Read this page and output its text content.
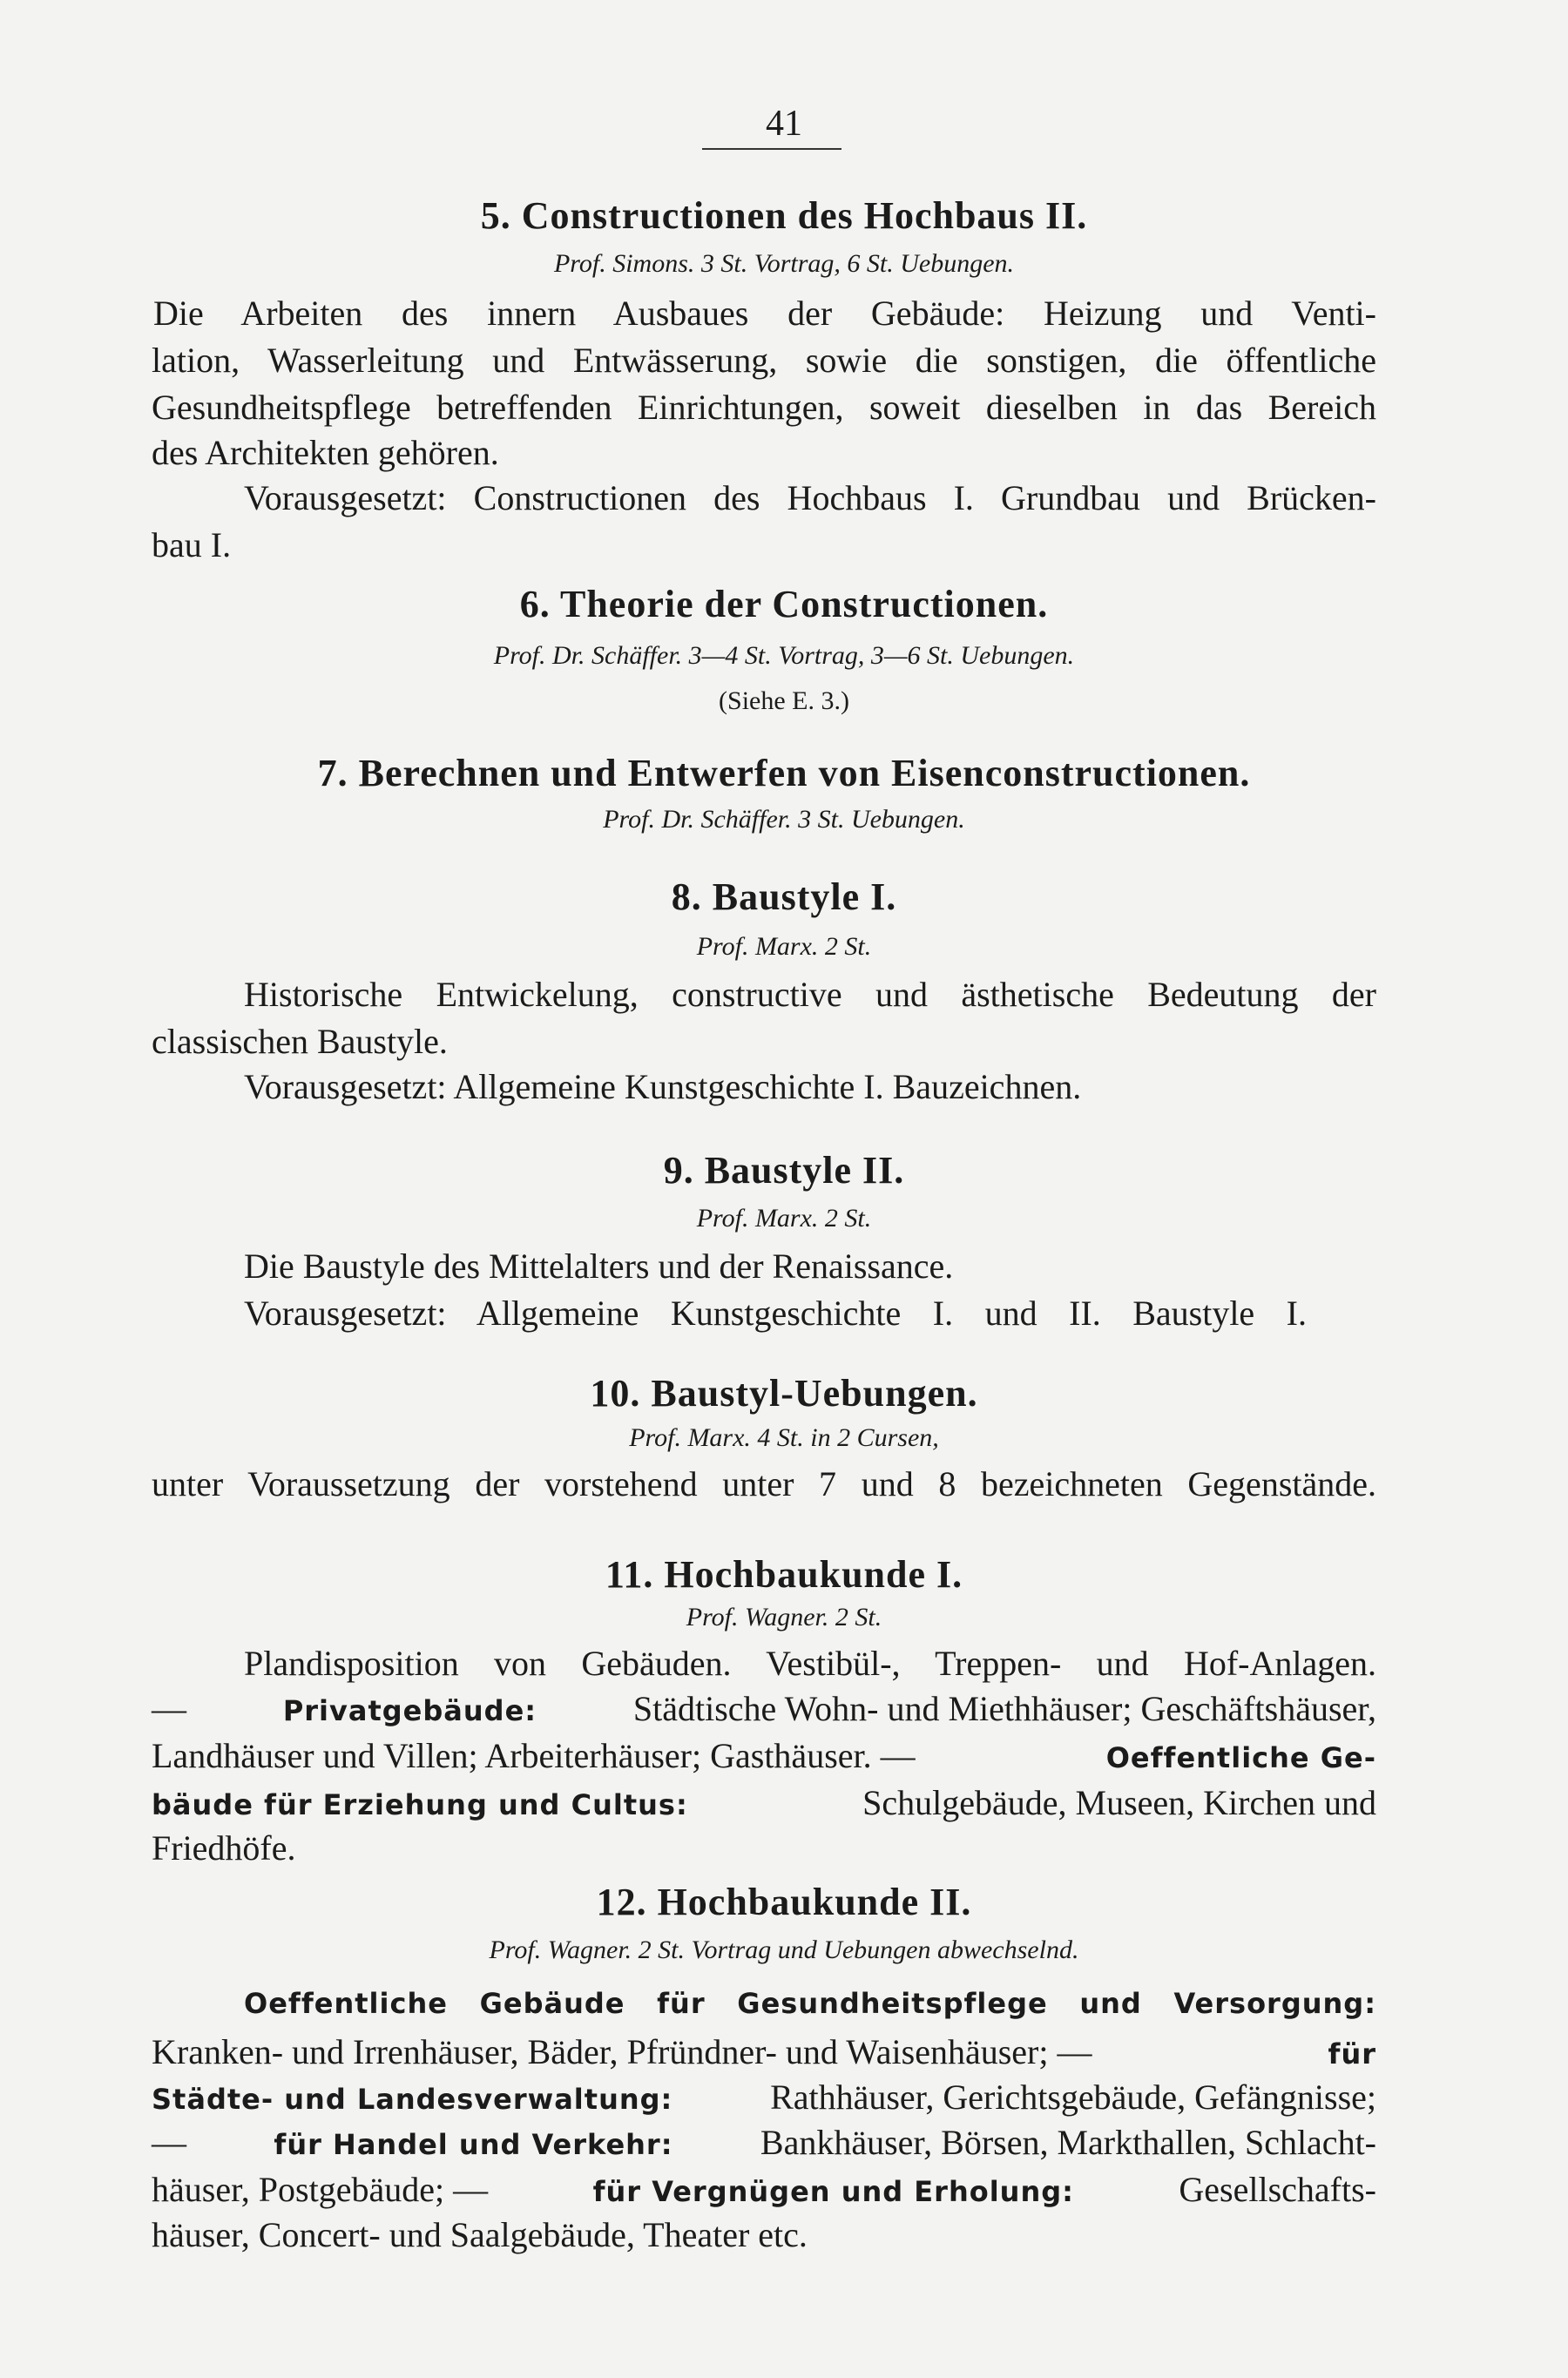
41
5. Constructionen des Hochbaus II.
Prof. Simons. 3 St. Vortrag, 6 St. Uebungen.
Die Arbeiten des innern Ausbaues der Gebäude: Heizung und Venti-
lation, Wasserleitung und Entwässerung, sowie die sonstigen, die öffentliche
Gesundheitspflege betreffenden Einrichtungen, soweit dieselben in das Bereich
des Architekten gehören.
Vorausgesetzt: Constructionen des Hochbaus I. Grundbau und Brücken-
bau I.
6. Theorie der Constructionen.
Prof. Dr. Schäffer. 3—4 St. Vortrag, 3—6 St. Uebungen.
(Siehe E. 3.)
7. Berechnen und Entwerfen von Eisenconstructionen.
Prof. Dr. Schäffer. 3 St. Uebungen.
8. Baustyle I.
Prof. Marx. 2 St.
Historische Entwickelung, constructive und ästhetische Bedeutung der
classischen Baustyle.
Vorausgesetzt: Allgemeine Kunstgeschichte I. Bauzeichnen.
9. Baustyle II.
Prof. Marx. 2 St.
Die Baustyle des Mittelalters und der Renaissance.
Vorausgesetzt: Allgemeine Kunstgeschichte I. und II. Baustyle I.
10. Baustyl-Uebungen.
Prof. Marx. 4 St. in 2 Cursen,
unter Voraussetzung der vorstehend unter 7 und 8 bezeichneten Gegenstände.
11. Hochbaukunde I.
Prof. Wagner. 2 St.
Plandisposition von Gebäuden. Vestibül-, Treppen- und Hof-Anlagen.
—	Privatgebäude:	Städtische Wohn- und Miethhäuser; Geschäftshäuser,
Landhäuser und Villen; Arbeiterhäuser; Gasthäuser. —	Oeffentliche Ge-
bäude für Erziehung und Cultus:	Schulgebäude, Museen, Kirchen und
Friedhöfe.
12. Hochbaukunde II.
Prof. Wagner. 2 St. Vortrag und Uebungen abwechselnd.
Oeffentliche Gebäude für Gesundheitspflege und Versorgung:
Kranken- und Irrenhäuser, Bäder, Pfründner- und Waisenhäuser; —	für
Städte- und Landesverwaltung:	Rathhäuser, Gerichtsgebäude, Gefängnisse;
—	für Handel und Verkehr:	Bankhäuser, Börsen, Markthallen, Schlacht-
häuser, Postgebäude; —	für Vergnügen und Erholung:	Gesellschafts-
häuser, Concert- und Saalgebäude, Theater etc.
